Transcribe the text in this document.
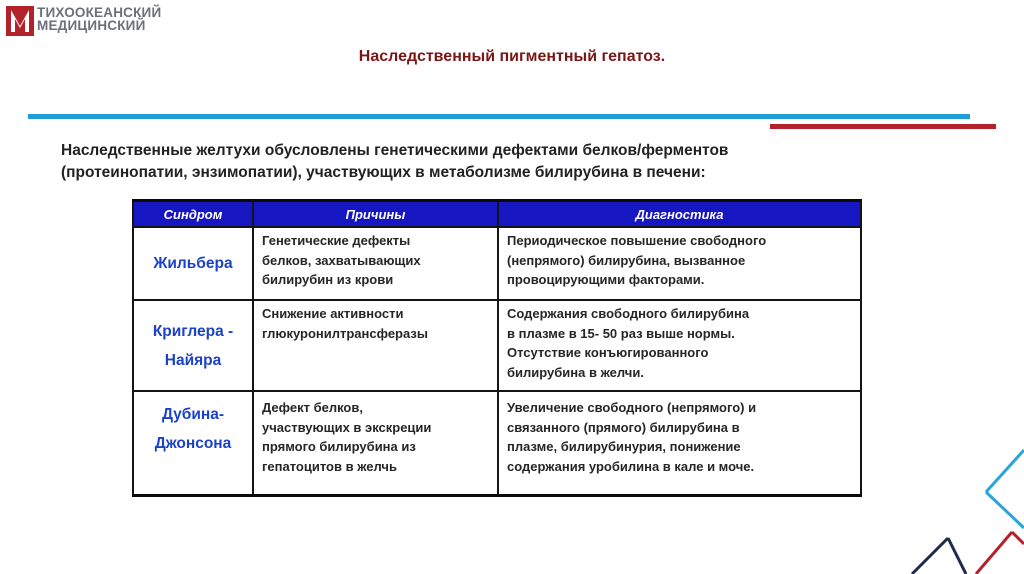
ТИХООКЕАНСКИЙ
МЕДИЦИНСКИЙ
Наследственный пигментный гепатоз.

Наследственные желтухи обусловлены генетическими дефектами белков/ферментов

(протеинопатии, энзимопатии), участвующих в метаболизме билирубина в печени:

Синдром	Причины	Диагностика

Жильбера	Генетические дефекты
белков, захватывающих
билирубин из крови	Периодическое повышение свободного
(непрямого) билирубина, вызванное
провоцирующими факторами.

Криглера -
Найяра	Снижение активности
глюкуронилтрансферазы	Содержания свободного билирубина
в плазме в 15- 50 раз выше нормы.
Отсутствие конъюгированного
билирубина в желчи.

Дубина-
Джонсона	Дефект белков,
участвующих в экскреции
прямого билирубина из
гепатоцитов в желчь	Увеличение свободного (непрямого) и
связанного (прямого) билирубина в
плазме, билирубинурия, понижение
содержания уробилина в кале и моче.
